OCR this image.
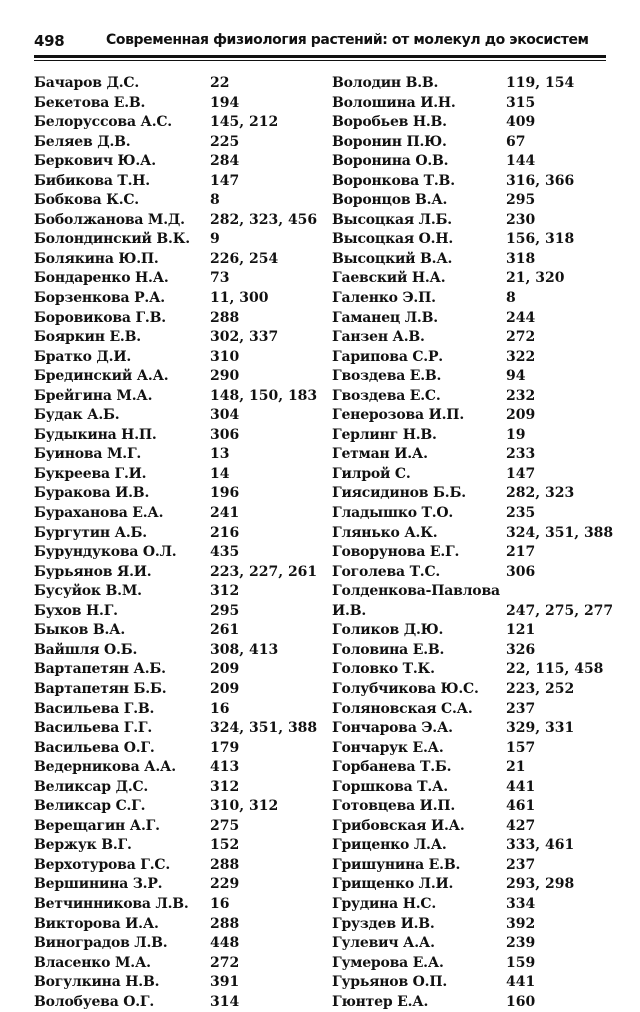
498	Современная физиология растений: от молекул до экосистем
Бачаров Д.С.	22
Бекетова Е.В.	194
Белоруссова А.С.	145, 212
Беляев Д.В.	225
Беркович Ю.А.	284
Бибикова Т.Н.	147
Бобкова К.С.	8
Боболжанова М.Д. 282, 323, 456
Болондинский В.К. 9
Болякина Ю.П.	226, 254
Бондаренко Н.А.	73
Борзенкова Р.А.	11, 300
Боровикова Г.В.	288
Бояркин Е.В.	302, 337
Братко Д.И.	310
Брединский А.А.	290
Брейгина М.А.	148, 150, 183
Будак А.Б.	304
Будыкина Н.П.	306
Буинова М.Г.	13
Букреева Г.И.	14
Буракова И.В.	196
Бураханова Е.А.	241
Бургутин А.Б.	216
Бурундукова О.Л. 435
Бурьянов Я.И.	223, 227, 261
Бусуйок В.М.	312
Бухов Н.Г.	295
Быков В.А.	261
Вайшля О.Б.	308, 413
Вартапетян А.Б.	209
Вартапетян Б.Б.	209
Васильева Г.В.	16
Васильева Г.Г.	324, 351, 388
Васильева О.Г.	179
Ведерникова А.А. 413
Великсар Д.С.	312
Великсар С.Г.	310, 312
Верещагин А.Г.	275
Вержук В.Г.	152
Верхотурова Г.С.	288
Вершинина З.Р.	229
Ветчинникова Л.В. 16
Викторова И.А.	288
Виноградов Л.В.	448
Власенко М.А.	272
Вогулкина Н.В.	391
Волобуева О.Г.	314
Володин В.В.	119, 154
Волошина И.Н.	315
Воробьев Н.В.	409
Воронин П.Ю.	67
Воронина О.В.	144
Воронкова Т.В.	316, 366
Воронцов В.А.	295
Высоцкая Л.Б.	230
Высоцкая О.Н.	156, 318
Высоцкий В.А.	318
Гаевский Н.А.	21, 320
Галенко Э.П.	8
Гаманец Л.В.	244
Ганзен А.В.	272
Гарипова С.Р.	322
Гвоздева Е.В.	94
Гвоздева Е.С.	232
Генерозова И.П.	209
Герлинг Н.В.	19
Гетман И.А.	233
Гилрой С.	147
Гиясидинов Б.Б.	282, 323
Гладышко Т.О.	235
Глянько А.К.	324, 351, 388
Говорунова Е.Г.	217
Гоголева Т.С.	306
Голденкова-Павлова
И.В.	247, 275, 277
Голиков Д.Ю.	121
Головина Е.В.	326
Головко Т.К.	22, 115, 458
Голубчикова Ю.С. 223, 252
Голяновская С.А. 237
Гончарова Э.А.	329, 331
Гончарук Е.А.	157
Горбанева Т.Б.	21
Горшкова Т.А.	441
Готовцева И.П.	461
Грибовская И.А.	427
Гриценко Л.А.	333, 461
Гришунина Е.В.	237
Грищенко Л.И.	293, 298
Грудина Н.С.	334
Груздев И.В.	392
Гулевич А.А.	239
Гумерова Е.А.	159
Гурьянов О.П.	441
Гюнтер Е.А.	160
